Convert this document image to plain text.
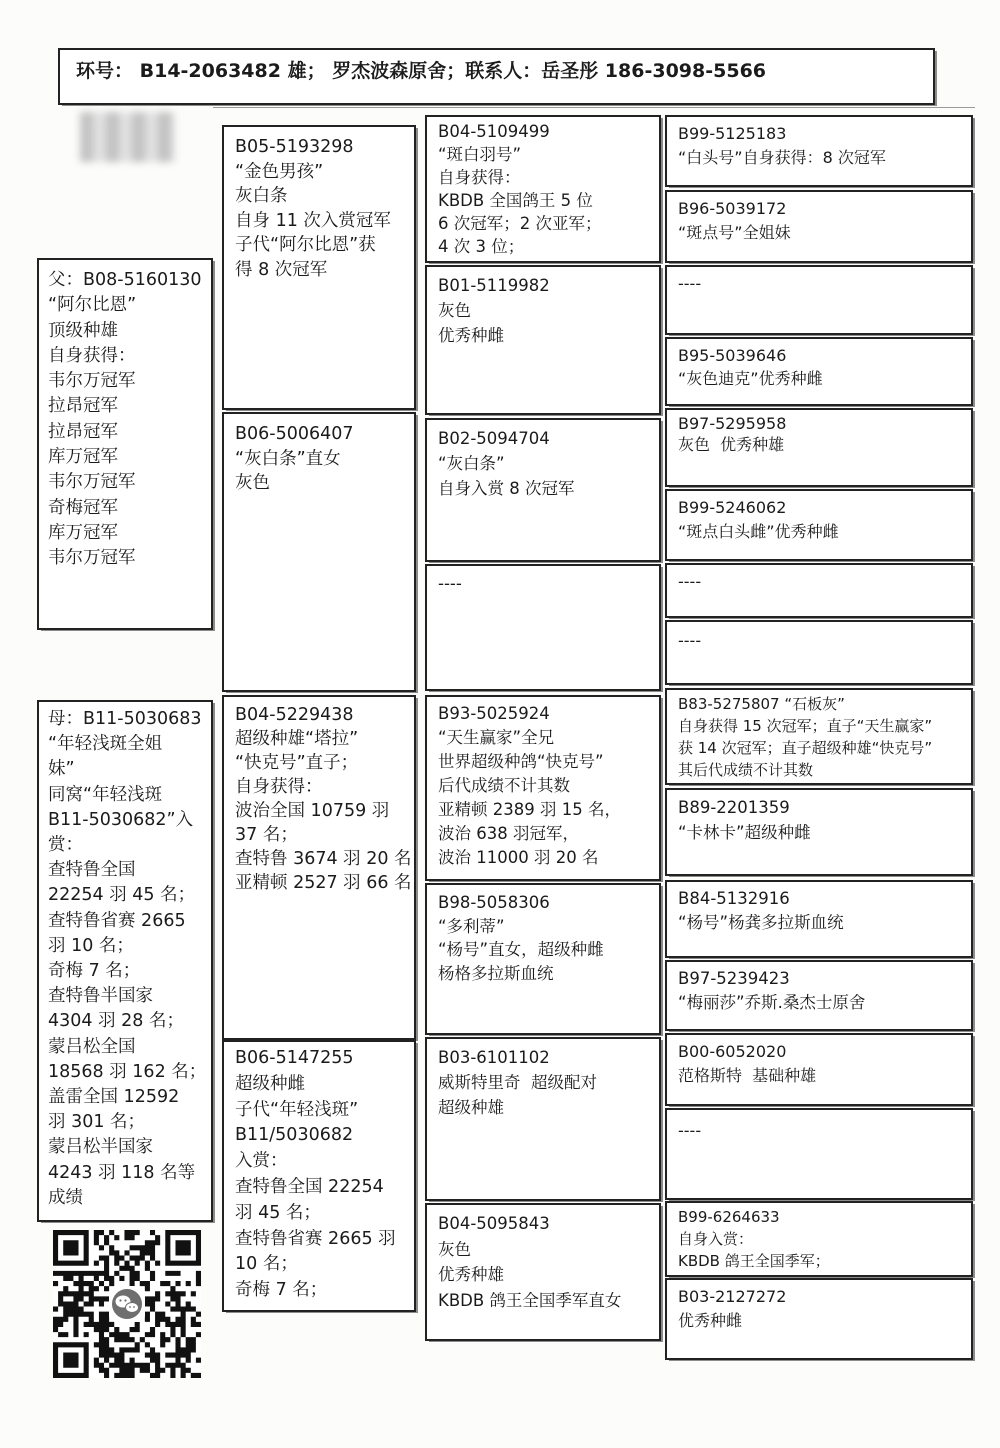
环号： B14-2063482 雄； 罗杰波森原舍；联系人：岳圣彤 186-3098-5566
父：B08-5160130
“阿尔比恩”
顶级种雄
自身获得：
韦尔万冠军
拉昂冠军
拉昂冠军
库万冠军
韦尔万冠军
奇梅冠军
库万冠军
韦尔万冠军
母：B11-5030683
“年轻浅斑全姐
妹”
同窝“年轻浅斑
B11-5030682”入
赏：
查特鲁全国
22254 羽 45 名；
查特鲁省赛 2665
羽 10 名；
奇梅 7 名；
查特鲁半国家
4304 羽 28 名；
蒙吕松全国
18568 羽 162 名；
盖雷全国 12592
羽 301 名；
蒙吕松半国家
4243 羽 118 名等
成绩
B05-5193298
“金色男孩”
灰白条
自身 11 次入赏冠军
子代“阿尔比恩”获
得 8 次冠军
B06-5006407
“灰白条”直女
灰色
B04-5229438
超级种雄“塔拉”
“快克号”直子；
自身获得：
波治全国 10759 羽
37 名；
查特鲁 3674 羽 20 名
亚精顿 2527 羽 66 名
B06-5147255
超级种雌
子代“年轻浅斑”
B11/5030682
入赏：
查特鲁全国 22254
羽 45 名；
查特鲁省赛 2665 羽
10 名；
奇梅 7 名；
B04-5109499
“斑白羽号”
自身获得：
KBDB 全国鸽王 5 位
6 次冠军；2 次亚军；
4 次 3 位；
B01-5119982
灰色
优秀种雌
B02-5094704
“灰白条”
自身入赏 8 次冠军
----
B93-5025924
“天生赢家”全兄
世界超级种鸽“快克号”
后代成绩不计其数
亚精顿 2389 羽 15 名，
波治 638 羽冠军，
波治 11000 羽 20 名
B98-5058306
“多利蒂”
“杨号”直女，超级种雌
杨格多拉斯血统
B03-6101102
威斯特里奇  超级配对
超级种雄
B04-5095843
灰色
优秀种雄
KBDB 鸽王全国季军直女
B99-5125183
“白头号”自身获得：8 次冠军
B96-5039172
“斑点号”全姐妹
----
B95-5039646
“灰色迪克”优秀种雌
B97-5295958
灰色  优秀种雄
B99-5246062
“斑点白头雌”优秀种雌
----
----
B83-5275807 “石板灰”
自身获得 15 次冠军；直子“天生赢家”
获 14 次冠军；直子超级种雄“快克号”
其后代成绩不计其数
B89-2201359
“卡林卡”超级种雌
B84-5132916
“杨号”杨龚多拉斯血统
B97-5239423
“梅丽莎”乔斯.桑杰士原舍
B00-6052020
范格斯特  基础种雄
----
B99-6264633
自身入赏：
KBDB 鸽王全国季军；
B03-2127272
优秀种雌
